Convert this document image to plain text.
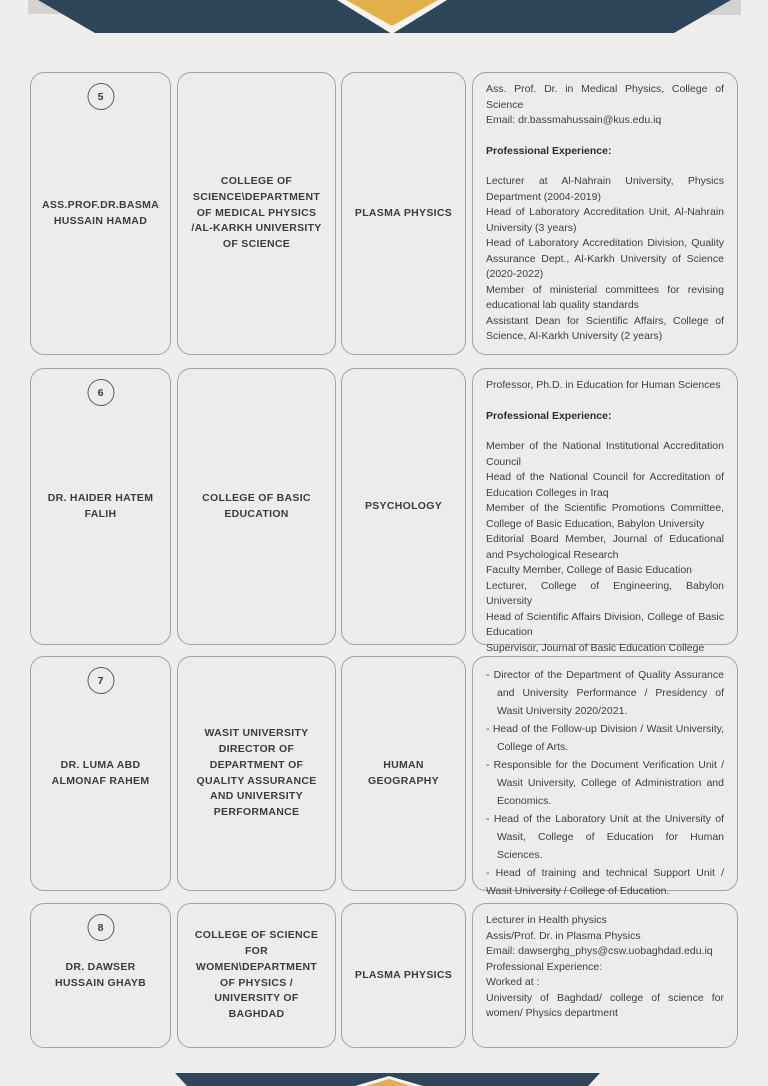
5
ASS.PROF.DR.BASMA HUSSAIN HAMAD
COLLEGE OF SCIENCE\DEPARTMENT OF MEDICAL PHYSICS /AL-KARKH UNIVERSITY OF SCIENCE
PLASMA PHYSICS

Ass. Prof. Dr. in Medical Physics, College of Science

Email: dr.bassmahussain@kus.edu.iq

Professional Experience:

Lecturer at Al-Nahrain University, Physics Department (2004-2019)

Head of Laboratory Accreditation Unit, Al-Nahrain University (3 years)

Head of Laboratory Accreditation Division, Quality Assurance Dept., Al-Karkh University of Science (2020-2022)

Member of ministerial committees for revising educational lab quality standards

Assistant Dean for Scientific Affairs, College of Science, Al-Karkh University (2 years)

6
DR. HAIDER HATEM FALIH
COLLEGE OF BASIC EDUCATION
PSYCHOLOGY

Professor, Ph.D. in Education for Human Sciences

Professional Experience:

Member of the National Institutional Accreditation Council

Head of the National Council for Accreditation of Education Colleges in Iraq

Member of the Scientific Promotions Committee, College of Basic Education, Babylon University

Editorial Board Member, Journal of Educational and Psychological Research

Faculty Member, College of Basic Education

Lecturer, College of Engineering, Babylon University

Head of Scientific Affairs Division, College of Basic Education

Supervisor, Journal of Basic Education College

7
DR. LUMA ABD ALMONAF RAHEM
WASIT UNIVERSITY DIRECTOR OF DEPARTMENT OF QUALITY ASSURANCE AND UNIVERSITY PERFORMANCE
HUMAN GEOGRAPHY

- Director of the Department of Quality Assurance and University Performance / Presidency of Wasit University 2020/2021.

- Head of the Follow-up Division / Wasit University, College of Arts.

- Responsible for the Document Verification Unit / Wasit University, College of Administration and Economics.

- Head of the Laboratory Unit at the University of Wasit, College of Education for Human Sciences.

- Head of training and technical Support Unit / Wasit University / College of Education.

8
DR. DAWSER HUSSAIN GHAYB
COLLEGE OF SCIENCE FOR WOMEN\DEPARTMENT OF PHYSICS / UNIVERSITY OF BAGHDAD
PLASMA PHYSICS

Lecturer in Health physics

Assis/Prof. Dr. in Plasma Physics

Email: dawserghg_phys@csw.uobaghdad.edu.iq

Professional Experience:

Worked at :

University of Baghdad/ college of science for women/ Physics department
